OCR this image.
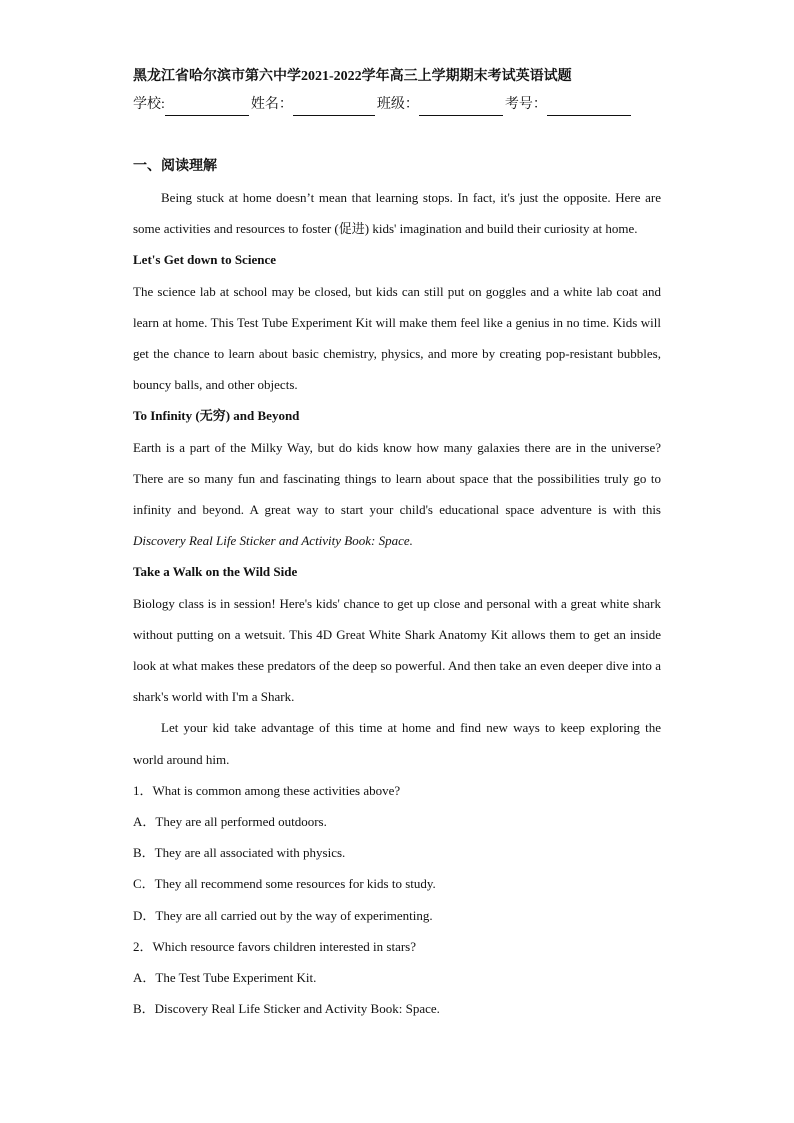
黑龙江省哈尔滨市第六中学2021-2022学年高三上学期期末考试英语试题
学校:	姓名：	班级：	考号：
一、阅读理解

Being stuck at home doesn’t mean that learning stops. In fact, it's just the opposite. Here are some activities and resources to foster (促进) kids' imagination and build their curiosity at home.

Let's Get down to Science

The science lab at school may be closed, but kids can still put on goggles and a white lab coat and learn at home. This Test Tube Experiment Kit will make them feel like a genius in no time. Kids will get the chance to learn about basic chemistry, physics, and more by creating pop-resistant bubbles, bouncy balls, and other objects.

To Infinity (无穷) and Beyond

Earth is a part of the Milky Way, but do kids know how many galaxies there are in the universe? There are so many fun and fascinating things to learn about space that the possibilities truly go to infinity and beyond. A great way to start your child's educational space adventure is with this Discovery Real Life Sticker and Activity Book: Space.

Take a Walk on the Wild Side

Biology class is in session! Here's kids' chance to get up close and personal with a great white shark without putting on a wetsuit. This 4D Great White Shark Anatomy Kit allows them to get an inside look at what makes these predators of the deep so powerful. And then take an even deeper dive into a shark's world with I'm a Shark.

Let your kid take advantage of this time at home and find new ways to keep exploring the world around him.

1．What is common among these activities above?

A．They are all performed outdoors.

B．They are all associated with physics.

C．They all recommend some resources for kids to study.

D．They are all carried out by the way of experimenting.

2．Which resource favors children interested in stars?

A．The Test Tube Experiment Kit.

B．Discovery Real Life Sticker and Activity Book: Space.
